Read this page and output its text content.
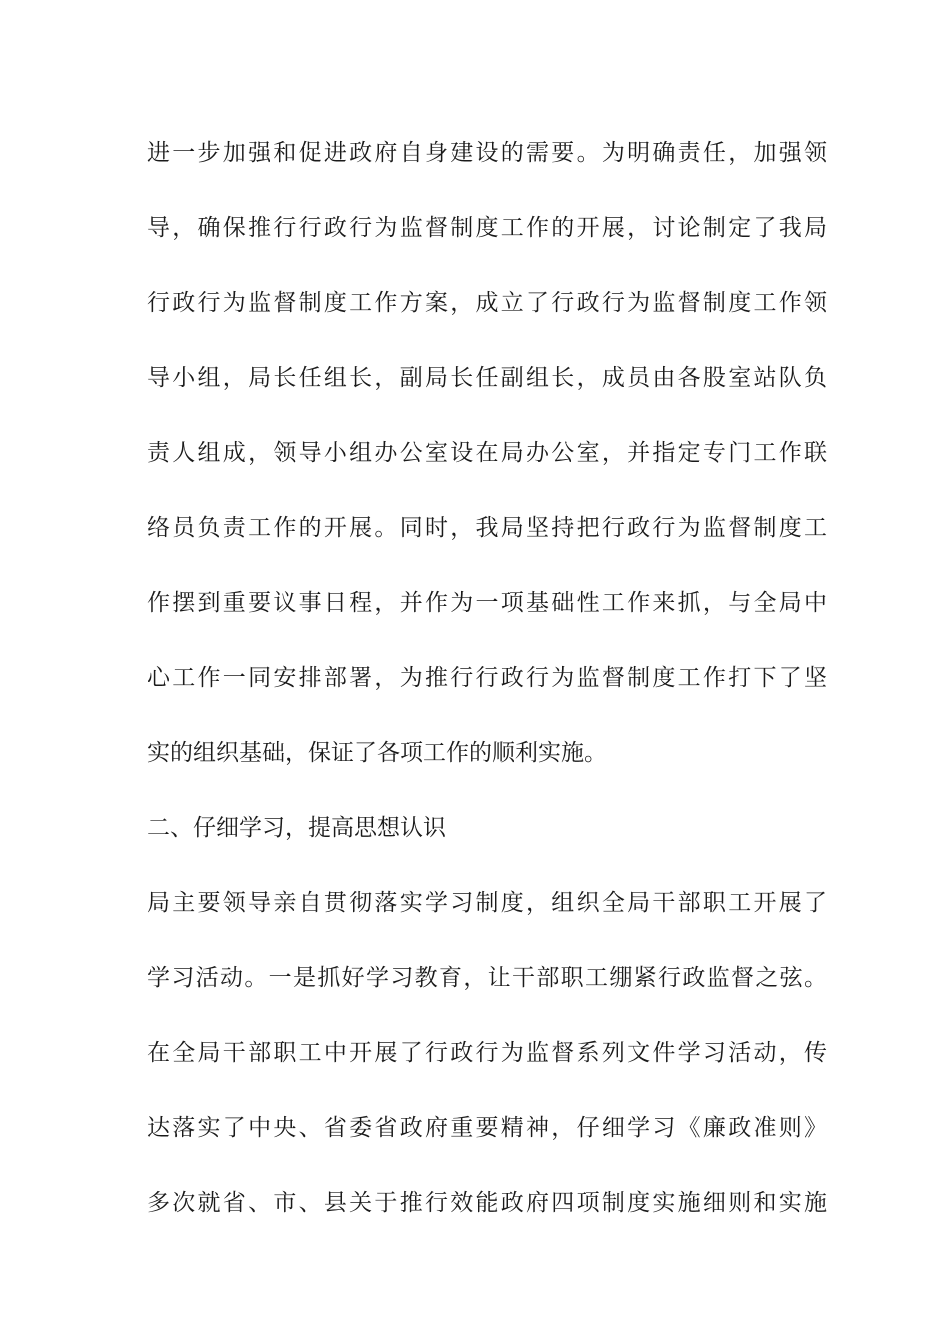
进一步加强和促进政府自身建设的需要。为明确责任，加强领
导，确保推行行政行为监督制度工作的开展，讨论制定了我局
行政行为监督制度工作方案，成立了行政行为监督制度工作领
导小组，局长任组长，副局长任副组长，成员由各股室站队负
责人组成，领导小组办公室设在局办公室，并指定专门工作联
络员负责工作的开展。同时，我局坚持把行政行为监督制度工
作摆到重要议事日程，并作为一项基础性工作来抓，与全局中
心工作一同安排部署，为推行行政行为监督制度工作打下了坚
实的组织基础，保证了各项工作的顺利实施。
二、仔细学习，提高思想认识
局主要领导亲自贯彻落实学习制度，组织全局干部职工开展了
学习活动。一是抓好学习教育，让干部职工绷紧行政监督之弦。
在全局干部职工中开展了行政行为监督系列文件学习活动，传
达落实了中央、省委省政府重要精神，仔细学习《廉政准则》
多次就省、市、县关于推行效能政府四项制度实施细则和实施
